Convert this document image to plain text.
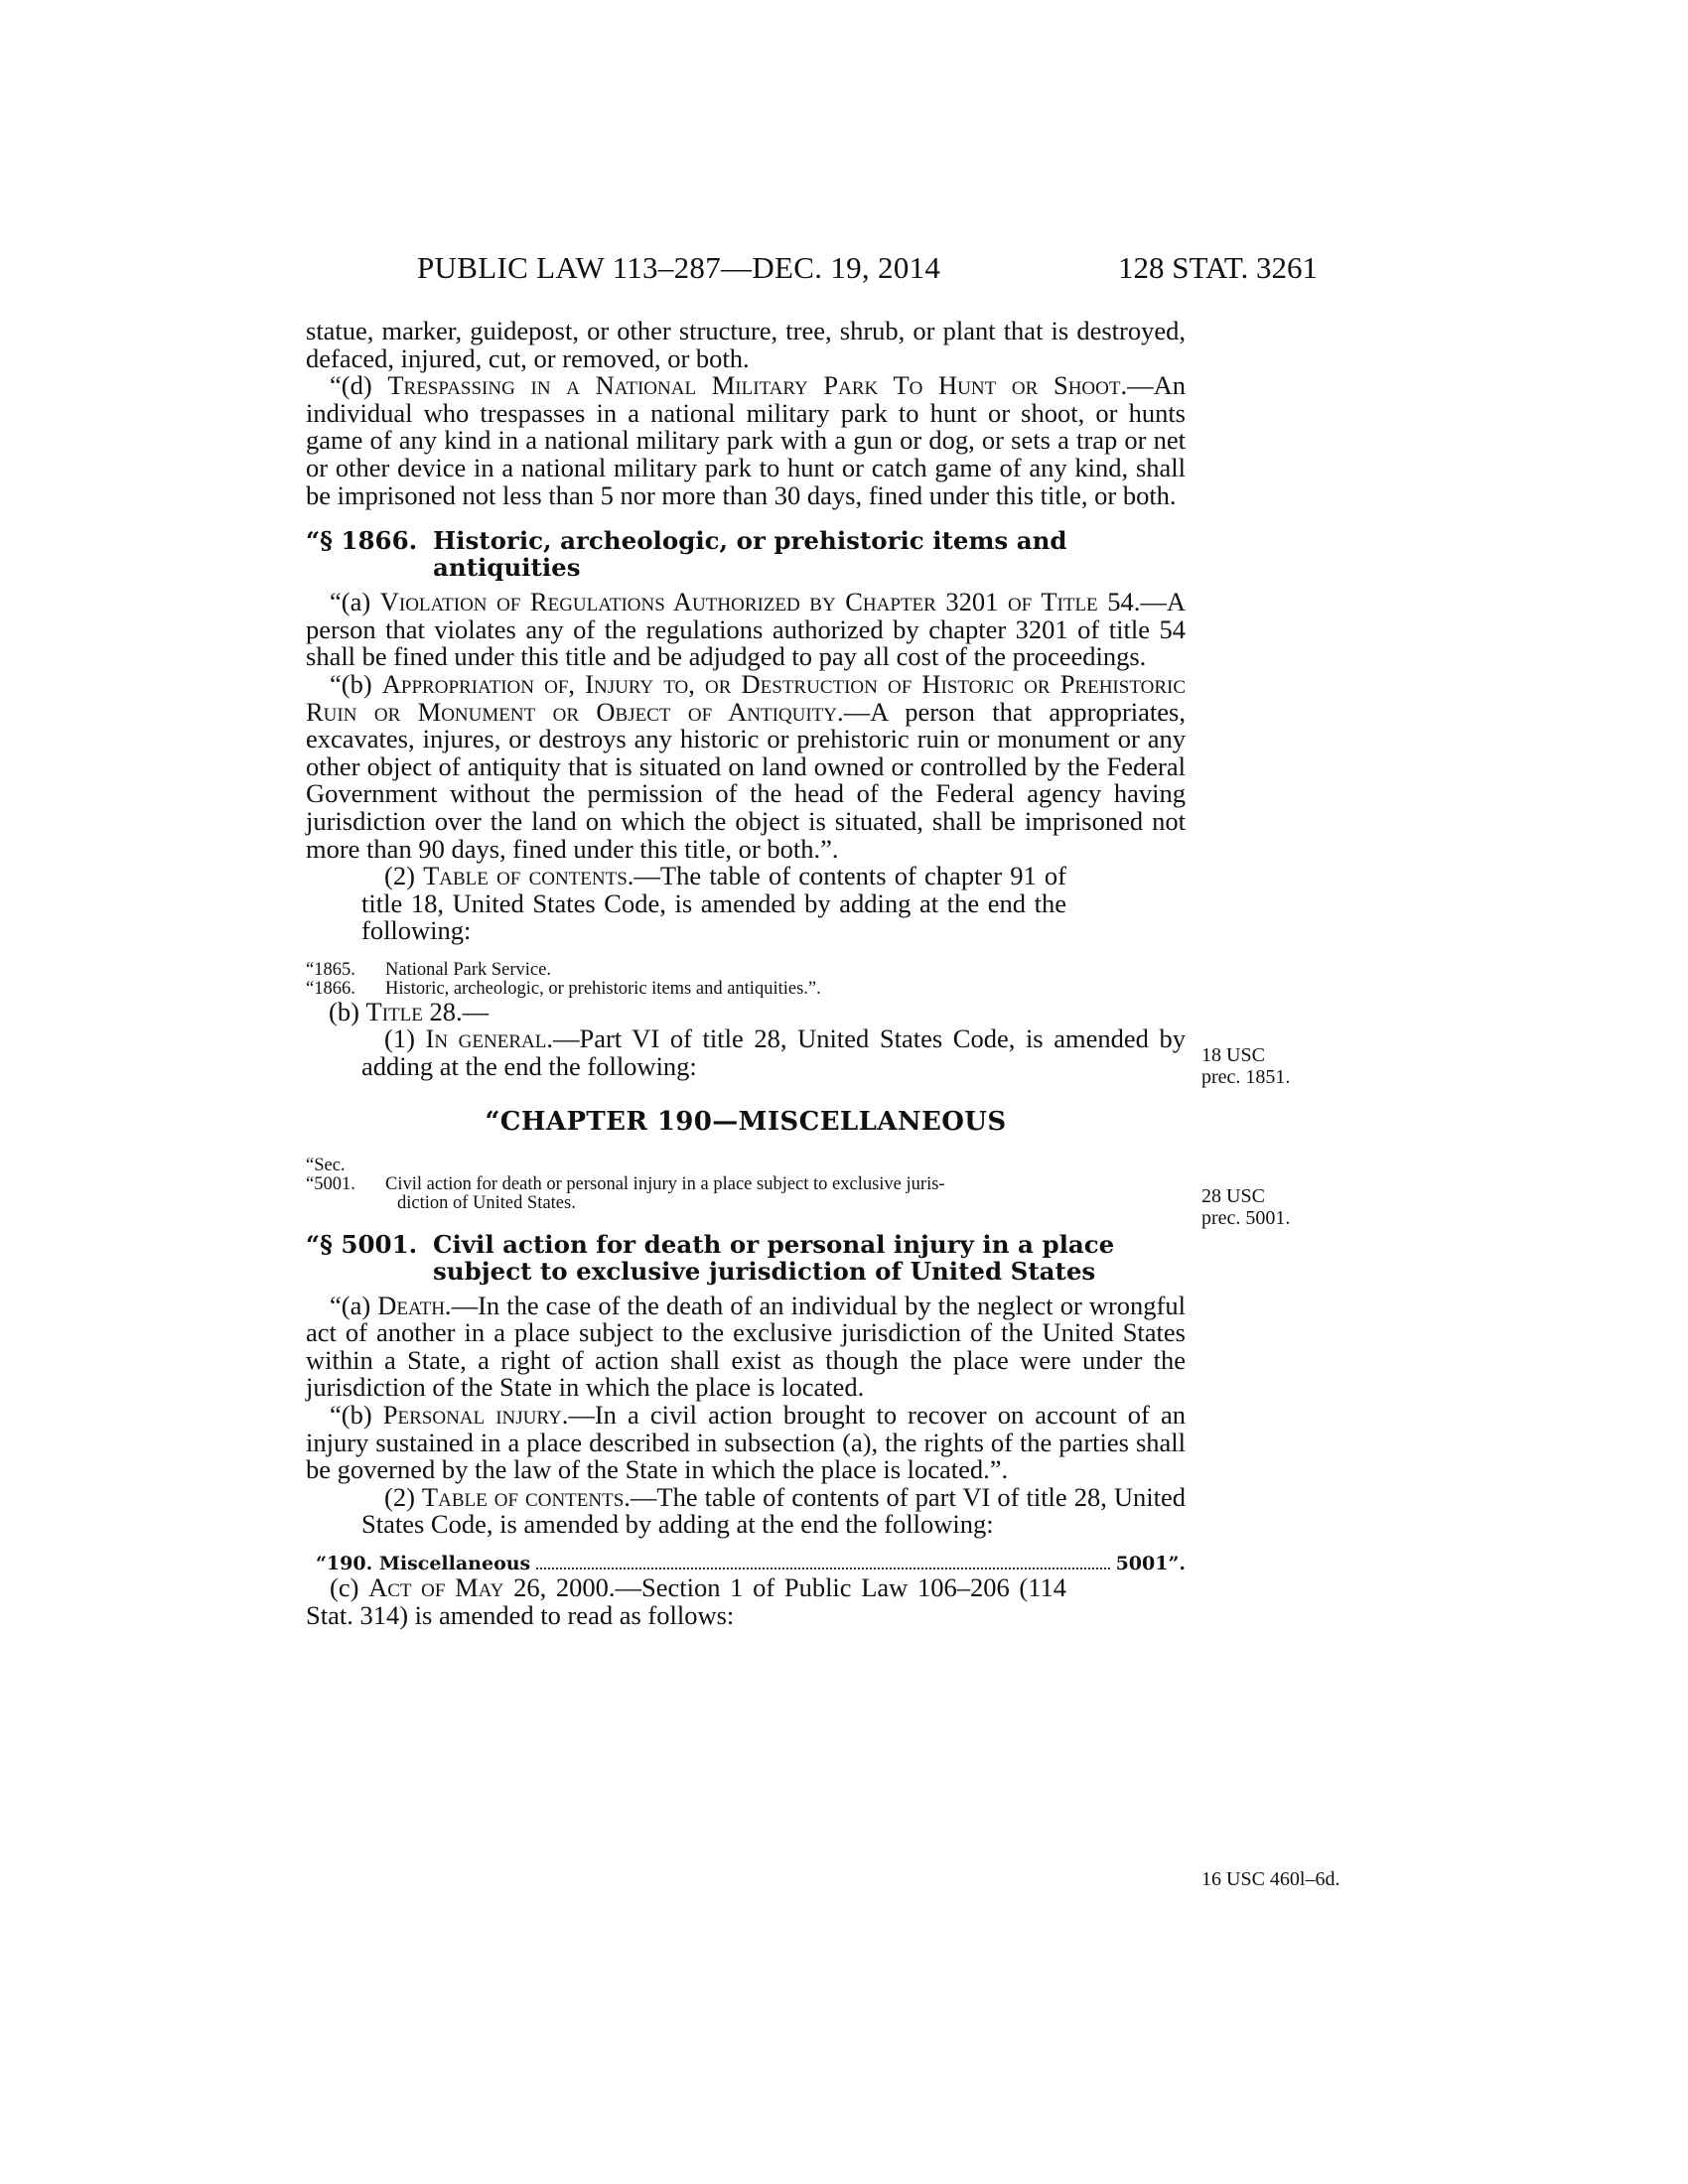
PUBLIC LAW 113–287—DEC. 19, 2014	128 STAT. 3261

statue, marker, guidepost, or other structure, tree, shrub, or plant that is destroyed, defaced, injured, cut, or removed, or both.

“(d) Trespassing in a National Military Park To Hunt or Shoot.—An individual who trespasses in a national military park to hunt or shoot, or hunts game of any kind in a national military park with a gun or dog, or sets a trap or net or other device in a national military park to hunt or catch game of any kind, shall be imprisoned not less than 5 nor more than 30 days, fined under this title, or both.

“§ 1866. Historic, archeologic, or prehistoric items and antiquities

“(a) Violation of Regulations Authorized by Chapter 3201 of Title 54.—A person that violates any of the regulations authorized by chapter 3201 of title 54 shall be fined under this title and be adjudged to pay all cost of the proceedings.

“(b) Appropriation of, Injury to, or Destruction of Historic or Prehistoric Ruin or Monument or Object of Antiquity.—A person that appropriates, excavates, injures, or destroys any historic or prehistoric ruin or monument or any other object of antiquity that is situated on land owned or controlled by the Federal Government without the permission of the head of the Federal agency having jurisdiction over the land on which the object is situated, shall be imprisoned not more than 90 days, fined under this title, or both.”.

(2) Table of contents.—The table of contents of chapter 91 of title 18, United States Code, is amended by adding at the end the following:

“1865.	National Park Service.
“1866.	Historic, archeologic, or prehistoric items and antiquities.”.

(b) Title 28.—

(1) In general.—Part VI of title 28, United States Code, is amended by adding at the end the following:

“CHAPTER 190—MISCELLANEOUS
“Sec.
“5001.	Civil action for death or personal injury in a place subject to exclusive juris-
diction of United States.
“§ 5001. Civil action for death or personal injury in a place subject to exclusive jurisdiction of United States

“(a) Death.—In the case of the death of an individual by the neglect or wrongful act of another in a place subject to the exclusive jurisdiction of the United States within a State, a right of action shall exist as though the place were under the jurisdiction of the State in which the place is located.

“(b) Personal injury.—In a civil action brought to recover on account of an injury sustained in a place described in subsection (a), the rights of the parties shall be governed by the law of the State in which the place is located.”.

(2) Table of contents.—The table of contents of part VI of title 28, United States Code, is amended by adding at the end the following:

“190. Miscellaneous	5001”.

(c) Act of May 26, 2000.—Section 1 of Public Law 106–206 (114 Stat. 314) is amended to read as follows:

18 USC
prec. 1851.
28 USC
prec. 5001.
16 USC 460l–6d.
